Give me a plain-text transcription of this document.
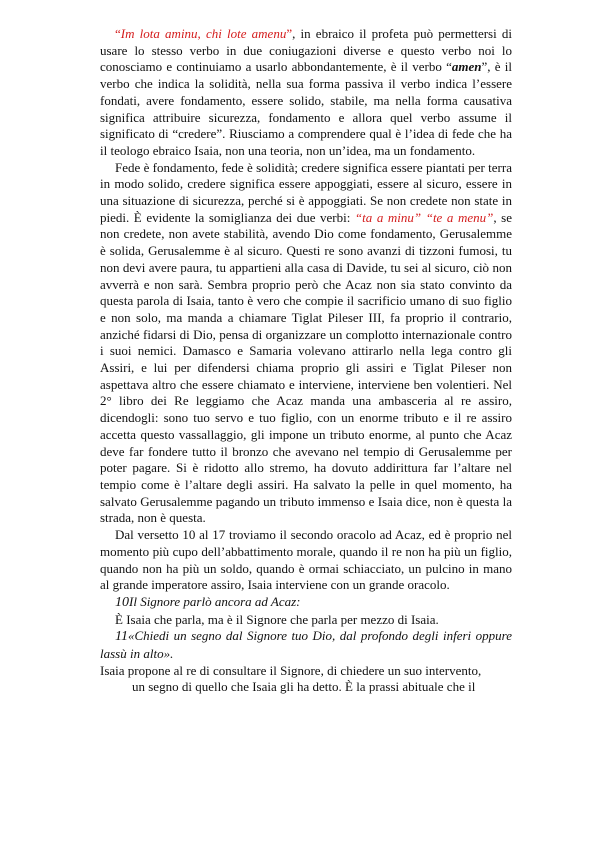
“Im lota aminu, chi lote amenu”, in ebraico il profeta può permettersi di usare lo stesso verbo in due coniugazioni diverse e questo verbo noi lo conosciamo e continuiamo a usarlo abbondantemente, è il verbo “amen”, è il verbo che indica la solidità, nella sua forma passiva il verbo indica l’essere fondati, avere fondamento, essere solido, stabile, ma nella forma causativa significa attribuire sicurezza, fondamento e allora quel verbo assume il significato di “credere”. Riusciamo a comprendere qual è l’idea di fede che ha il teologo ebraico Isaia, non una teoria, non un’idea, ma un fondamento.

Fede è fondamento, fede è solidità; credere significa essere piantati per terra in modo solido, credere significa essere appoggiati, essere al sicuro, essere in una situazione di sicurezza, perché si è appoggiati. Se non credete non state in piedi. È evidente la somiglianza dei due verbi: “ta a minu” “te a menu”, se non credete, non avete stabilità, avendo Dio come fondamento, Gerusalemme è solida, Gerusalemme è al sicuro. Questi re sono avanzi di tizzoni fumosi, tu non devi avere paura, tu appartieni alla casa di Davide, tu sei al sicuro, ciò non avverrà e non sarà. Sembra proprio però che Acaz non sia stato convinto da questa parola di Isaia, tanto è vero che compie il sacrificio umano di suo figlio e non solo, ma manda a chiamare Tiglat Pileser III, fa proprio il contrario, anziché fidarsi di Dio, pensa di organizzare un complotto internazionale contro i suoi nemici. Damasco e Samaria volevano attirarlo nella lega contro gli Assiri, e lui per difendersi chiama proprio gli assiri e Tiglat Pileser non aspettava altro che essere chiamato e interviene, interviene ben volentieri. Nel 2° libro dei Re leggiamo che Acaz manda una ambasceria al re assiro, dicendogli: sono tuo servo e tuo figlio, con un enorme tributo e il re assiro accetta questo vassallaggio, gli impone un tributo enorme, al punto che Acaz deve far fondere tutto il bronzo che avevano nel tempio di Gerusalemme per poter pagare. Si è ridotto allo stremo, ha dovuto addirittura far l’altare nel tempio come è l’altare degli assiri. Ha salvato la pelle in quel momento, ha salvato Gerusalemme pagando un tributo immenso e Isaia dice, non è questa la strada, non è questa.

Dal versetto 10 al 17 troviamo il secondo oracolo ad Acaz, ed è proprio nel momento più cupo dell’abbattimento morale, quando il re non ha più un figlio, quando non ha più un soldo, quando è ormai schiacciato, un pulcino in mano al grande imperatore assiro, Isaia interviene con un grande oracolo.

10Il Signore parlò ancora ad Acaz:

È Isaia che parla, ma è il Signore che parla per mezzo di Isaia.

11«Chiedi un segno dal Signore tuo Dio, dal profondo degli inferi oppure lassù in alto».

Isaia propone al re di consultare il Signore, di chiedere un suo intervento,
un segno di quello che Isaia gli ha detto. È la prassi abituale che il
